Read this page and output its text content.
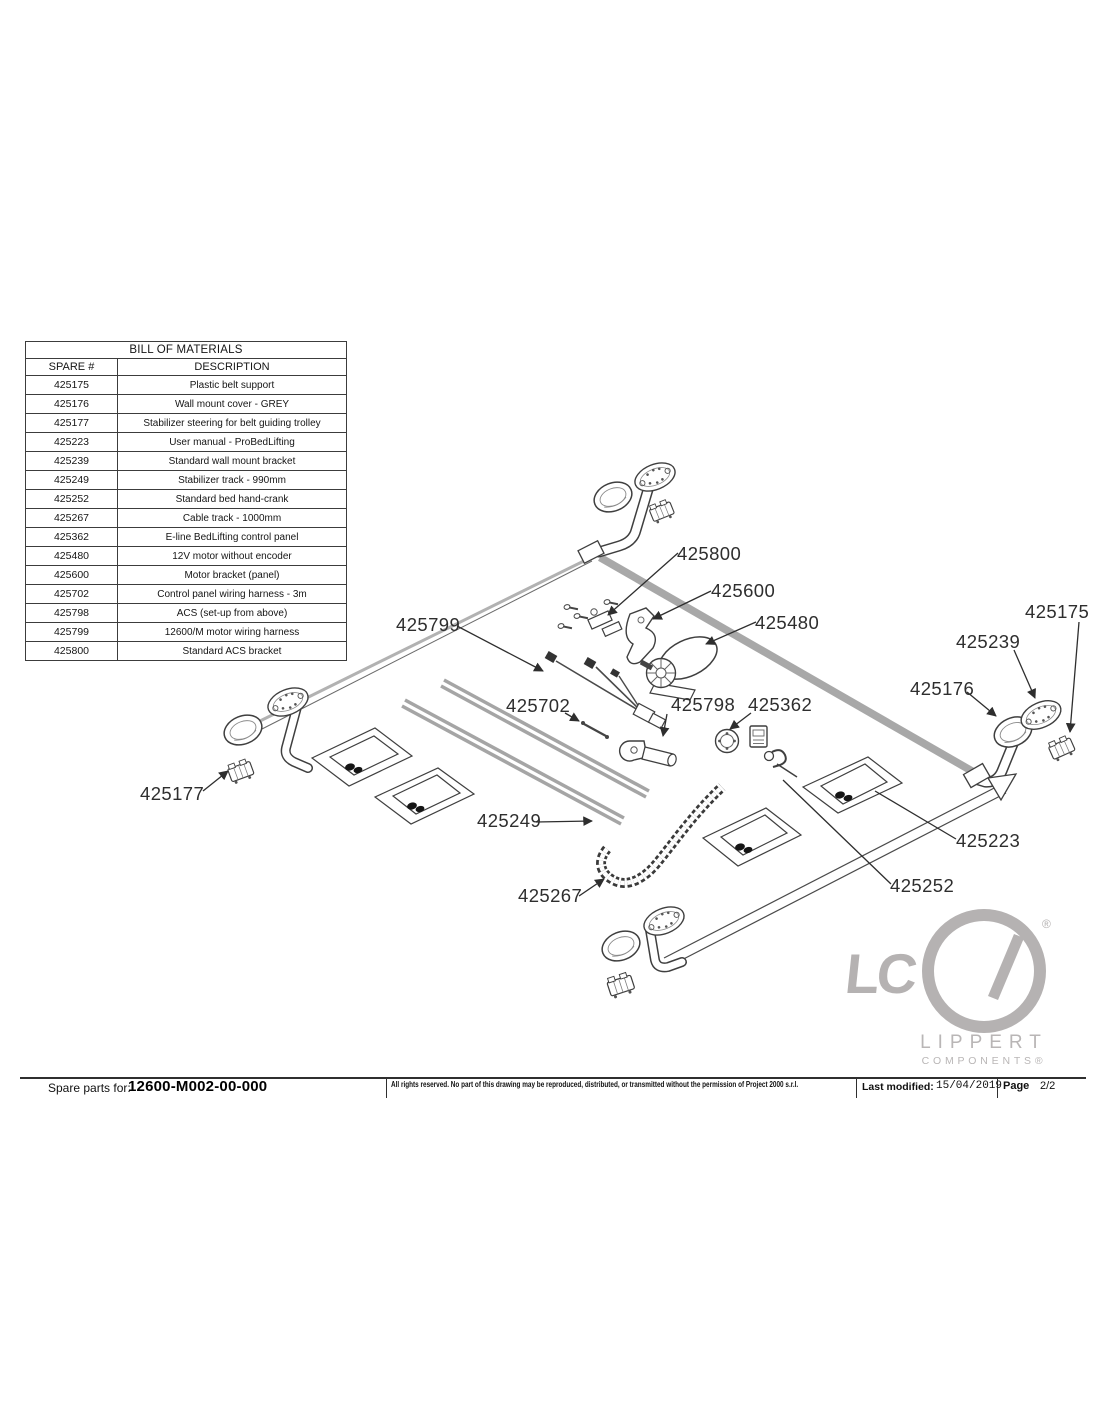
BILL OF MATERIALS	
SPARE #	DESCRIPTION
425175	Plastic belt support
425176	Wall mount cover - GREY
425177	Stabilizer steering for belt guiding trolley
425223	User manual - ProBedLifting
425239	Standard wall mount bracket
425249	Stabilizer track - 990mm
425252	Standard bed hand-crank
425267	Cable track - 1000mm
425362	E-line BedLifting control panel
425480	12V motor without encoder
425600	Motor bracket (panel)
425702	Control panel wiring harness - 3m
425798	ACS (set-up from above)
425799	12600/M motor wiring harness
425800	Standard ACS bracket
425800
425600
425480
425799
425702	425798 425362
425177
425249
425267
425223
425252
425175
425239
425176
LC
®
LIPPERT
COMPONENTS®
Spare parts for:
12600-M002-00-000	All rights reserved. No part of this drawing may be reproduced, distributed, or transmitted without the permission of Project 2000 s.r.l.	Last modified: 15/04/2019 Page 2/2
